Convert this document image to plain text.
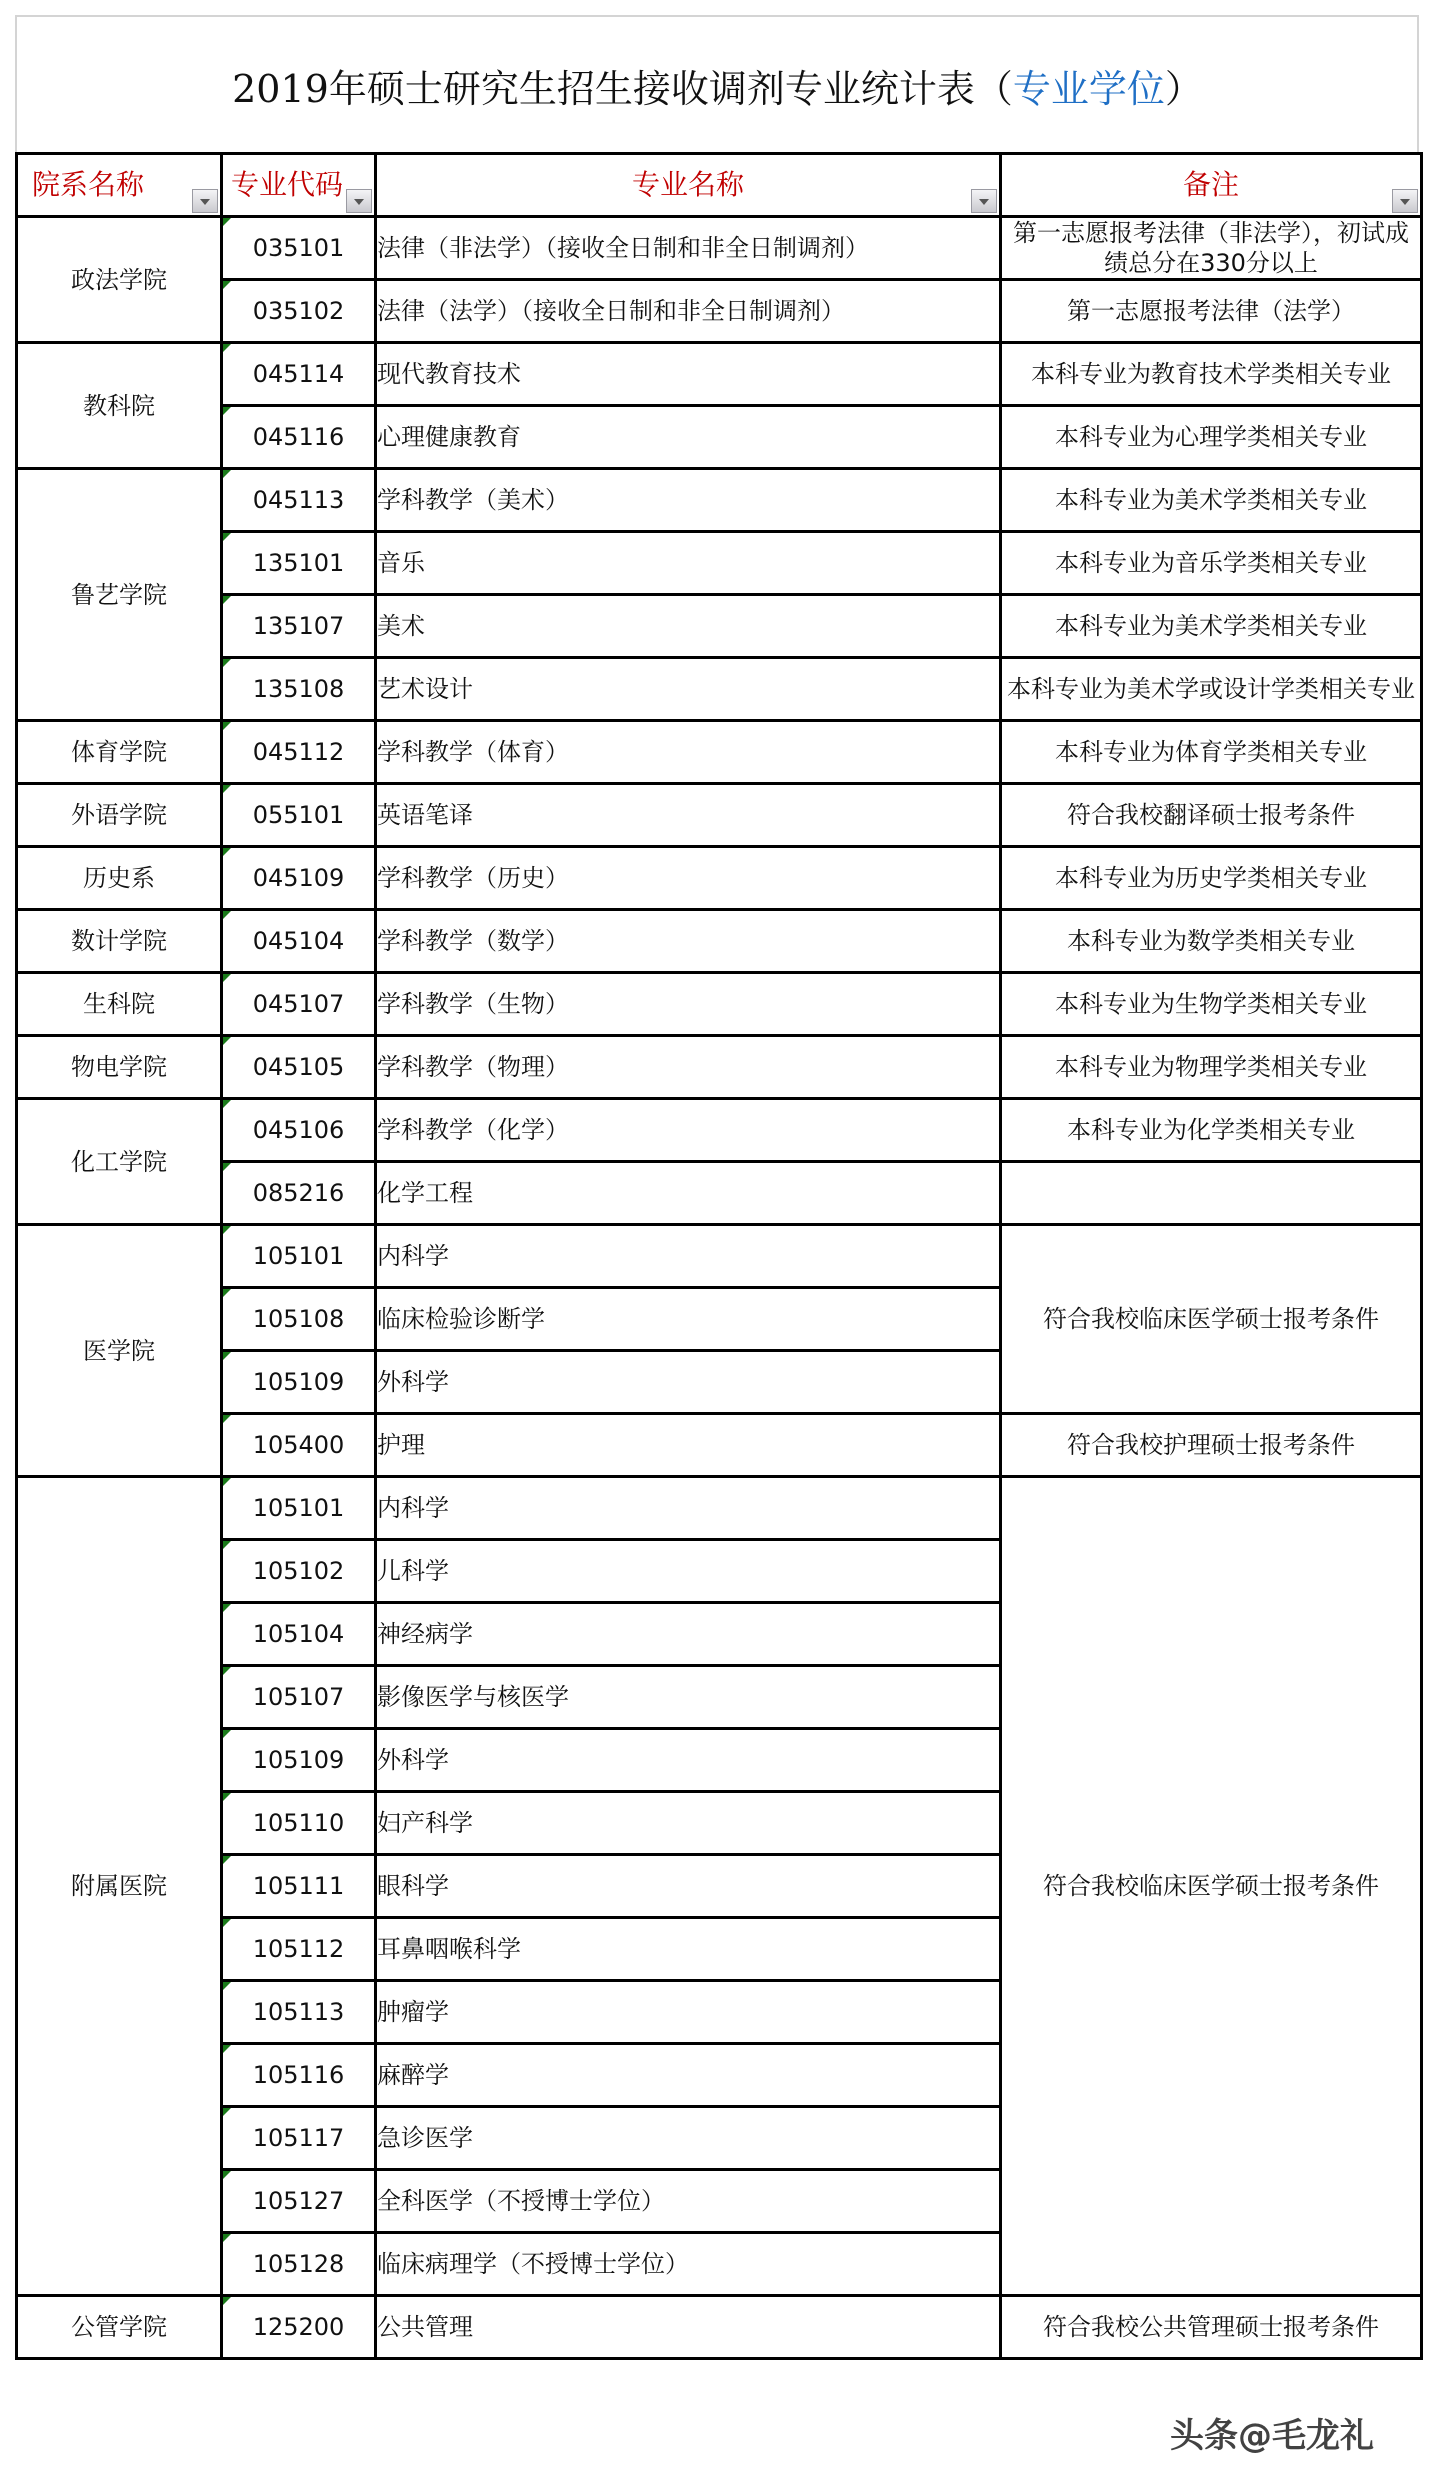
2019年硕士研究生招生接收调剂专业统计表（专业学位）
院系名称	专业代码	专业名称	备注

政法学院	035101	法律（非法学）（接收全日制和非全日制调剂）	第一志愿报考法律（非法学），初试成绩总分在330分以上

035102	法律（法学）（接收全日制和非全日制调剂）	第一志愿报考法律（法学）
教科院	045114	现代教育技术	本科专业为教育技术学类相关专业

045116	心理健康教育	本科专业为心理学类相关专业
鲁艺学院	045113	学科教学（美术）	本科专业为美术学类相关专业

135101	音乐	本科专业为音乐学类相关专业

135107	美术	本科专业为美术学类相关专业

135108	艺术设计	本科专业为美术学或设计学类相关专业
体育学院	045112	学科教学（体育）	本科专业为体育学类相关专业
外语学院	055101	英语笔译	符合我校翻译硕士报考条件
历史系	045109	学科教学（历史）	本科专业为历史学类相关专业
数计学院	045104	学科教学（数学）	本科专业为数学类相关专业
生科院	045107	学科教学（生物）	本科专业为生物学类相关专业
物电学院	045105	学科教学（物理）	本科专业为物理学类相关专业
化工学院	045106	学科教学（化学）	本科专业为化学类相关专业

085216	化学工程	
医学院	105101	内科学	符合我校临床医学硕士报考条件

105108	临床检验诊断学	

105109	外科学	

105400	护理	符合我校护理硕士报考条件
附属医院	105101	内科学	符合我校临床医学硕士报考条件

105102	儿科学	

105104	神经病学	

105107	影像医学与核医学	

105109	外科学	

105110	妇产科学	

105111	眼科学	

105112	耳鼻咽喉科学	

105113	肿瘤学	

105116	麻醉学	

105117	急诊医学	

105127	全科医学（不授博士学位）	

105128	临床病理学（不授博士学位）	
公管学院	125200	公共管理	符合我校公共管理硕士报考条件
头条@毛龙礼
